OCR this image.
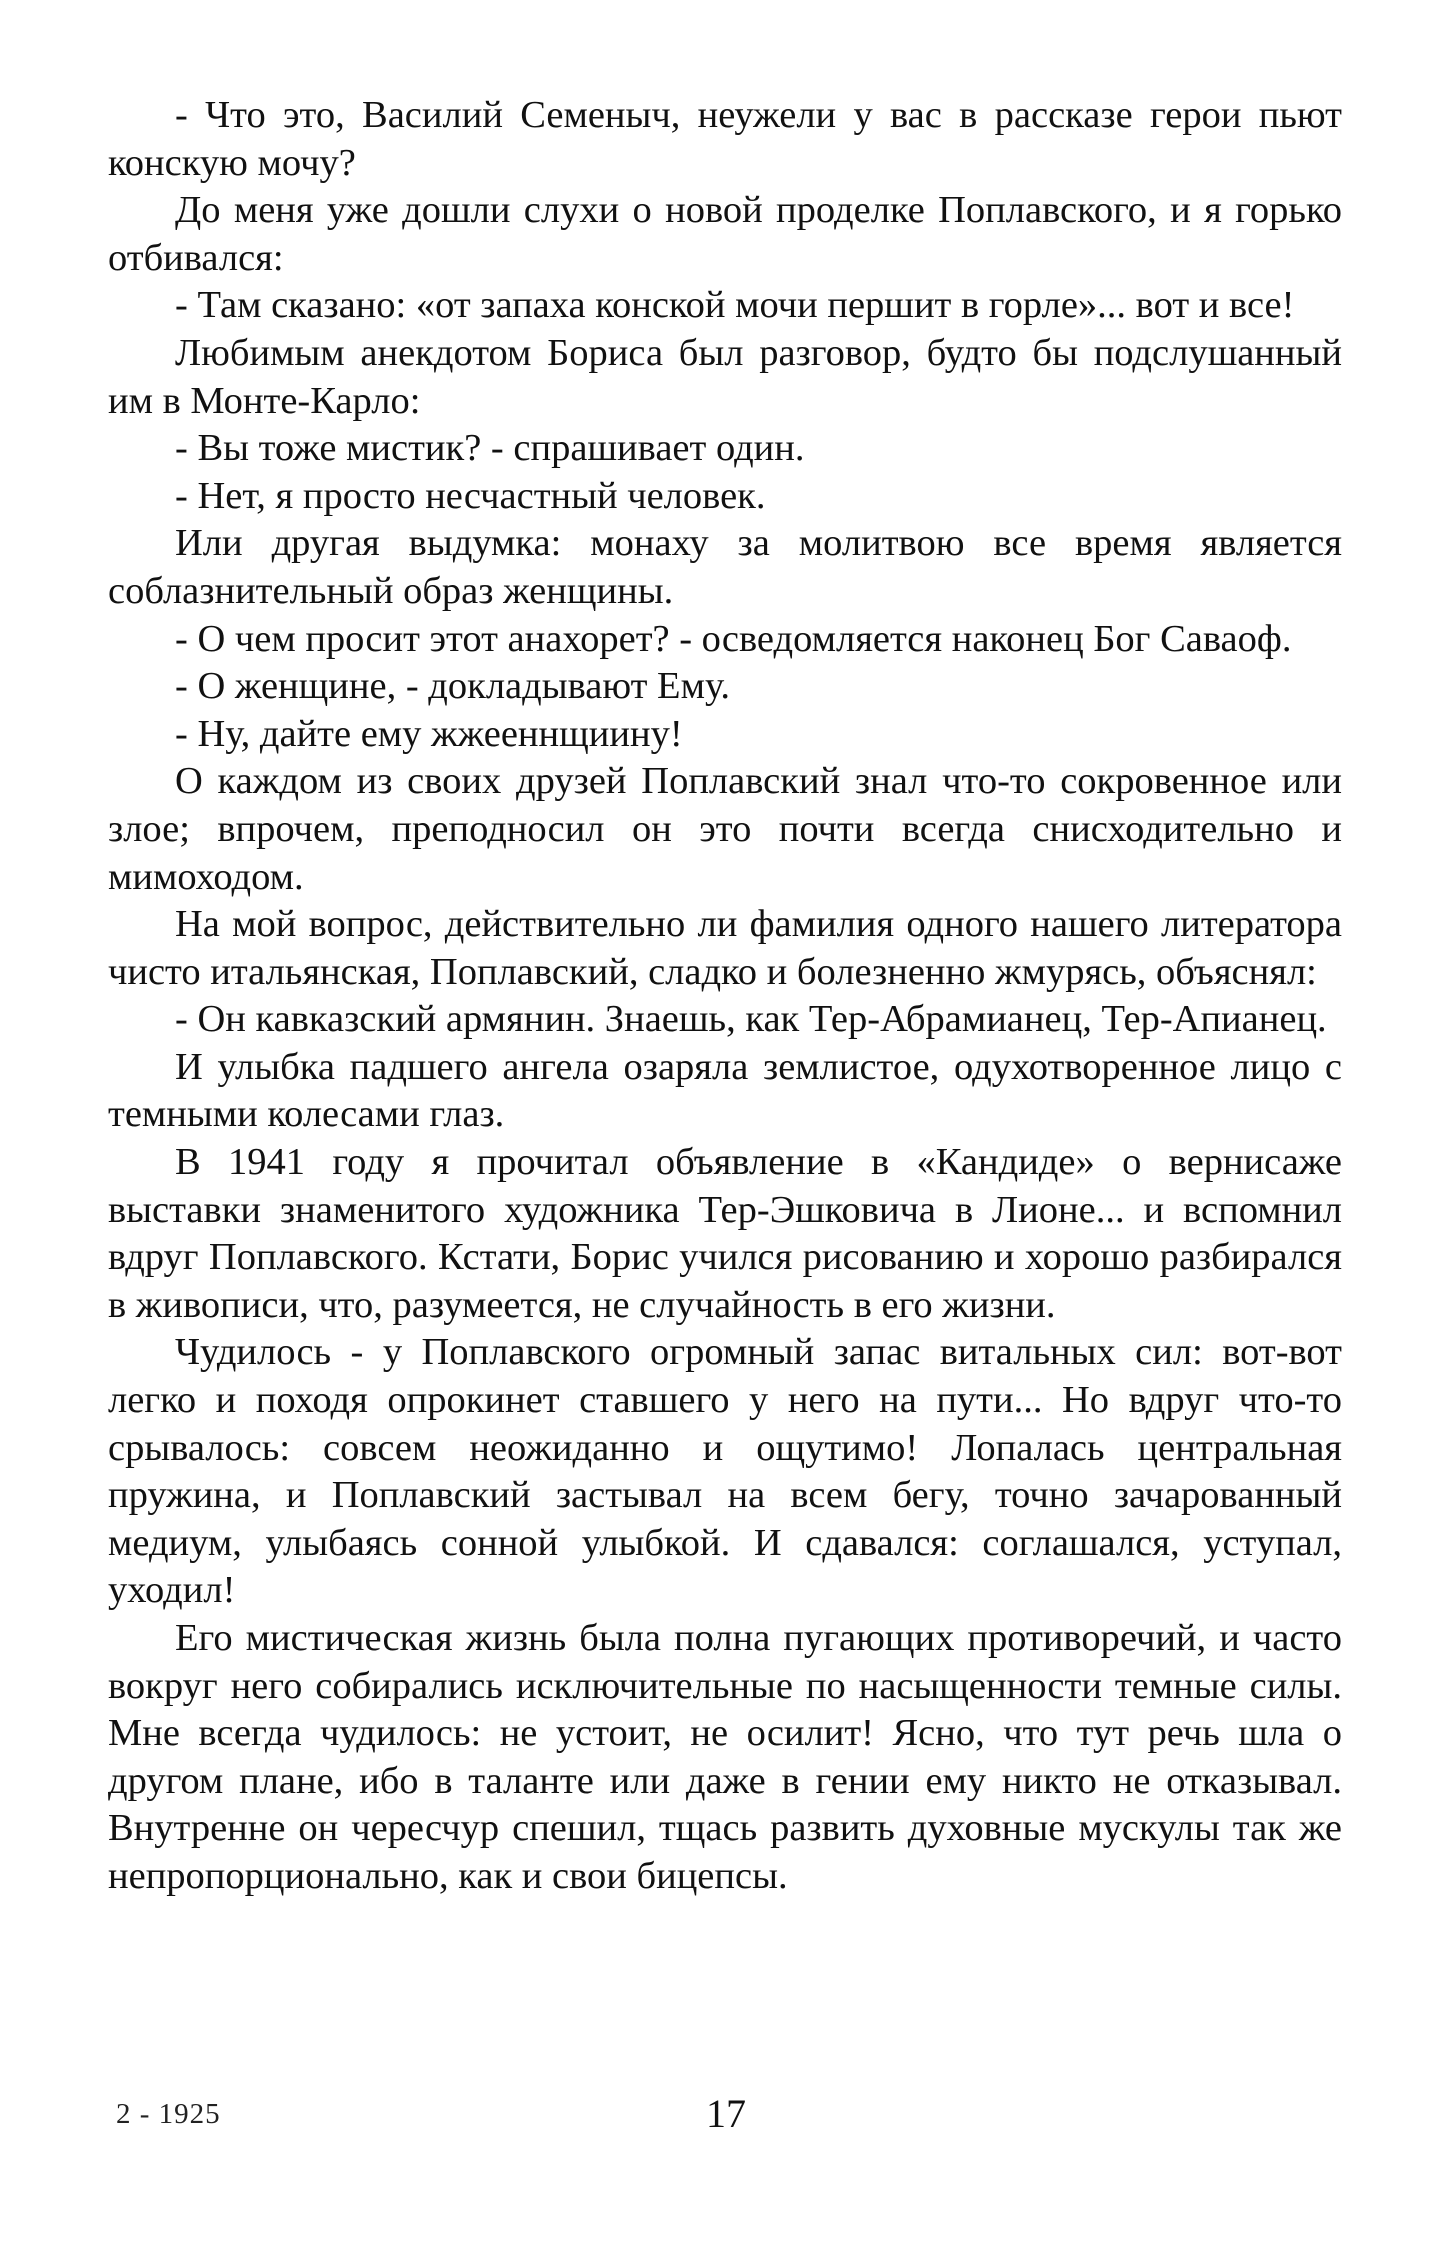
- Что это, Василий Семеныч, неужели у вас в рассказе герои пьют конскую мочу?

До меня уже дошли слухи о новой проделке Поплавского, и я горько отбивался:

- Там сказано: «от запаха конской мочи першит в горле»... вот и все!

Любимым анекдотом Бориса был разговор, будто бы подслушанный им в Монте-Карло:

- Вы тоже мистик? - спрашивает один.

- Нет, я просто несчастный человек.

Или другая выдумка: монаху за молитвою все время является соблазнительный образ женщины.

- О чем просит этот анахорет? - осведомляется наконец Бог Саваоф.

- О женщине, - докладывают Ему.

- Ну, дайте ему жжееннщиину!

О каждом из своих друзей Поплавский знал что-то сокровенное или злое; впрочем, преподносил он это почти всегда снисходительно и мимоходом.

На мой вопрос, действительно ли фамилия одного нашего литератора чисто итальянская, Поплавский, сладко и болезненно жмурясь, объяснял:

- Он кавказский армянин. Знаешь, как Тер-Абрамианец, Тер-Апианец.

И улыбка падшего ангела озаряла землистое, одухотворенное лицо с темными колесами глаз.

В 1941 году я прочитал объявление в «Кандиде» о вернисаже выставки знаменитого художника Тер-Эшковича в Лионе... и вспомнил вдруг Поплавского. Кстати, Борис учился рисованию и хорошо разбирался в живописи, что, разумеется, не случайность в его жизни.

Чудилось - у Поплавского огромный запас витальных сил: вот-вот легко и походя опрокинет ставшего у него на пути... Но вдруг что-то срывалось: совсем неожиданно и ощутимо! Лопалась центральная пружина, и Поплавский застывал на всем бегу, точно зачарованный медиум, улыбаясь сонной улыбкой. И сдавался: соглашался, уступал, уходил!

Его мистическая жизнь была полна пугающих противоречий, и часто вокруг него собирались исключительные по насыщенности темные силы. Мне всегда чудилось: не устоит, не осилит! Ясно, что тут речь шла о другом плане, ибо в таланте или даже в гении ему никто не отказывал. Внутренне он чересчур спешил, тщась развить духовные мускулы так же непропорционально, как и свои бицепсы.

2 - 1925	17
